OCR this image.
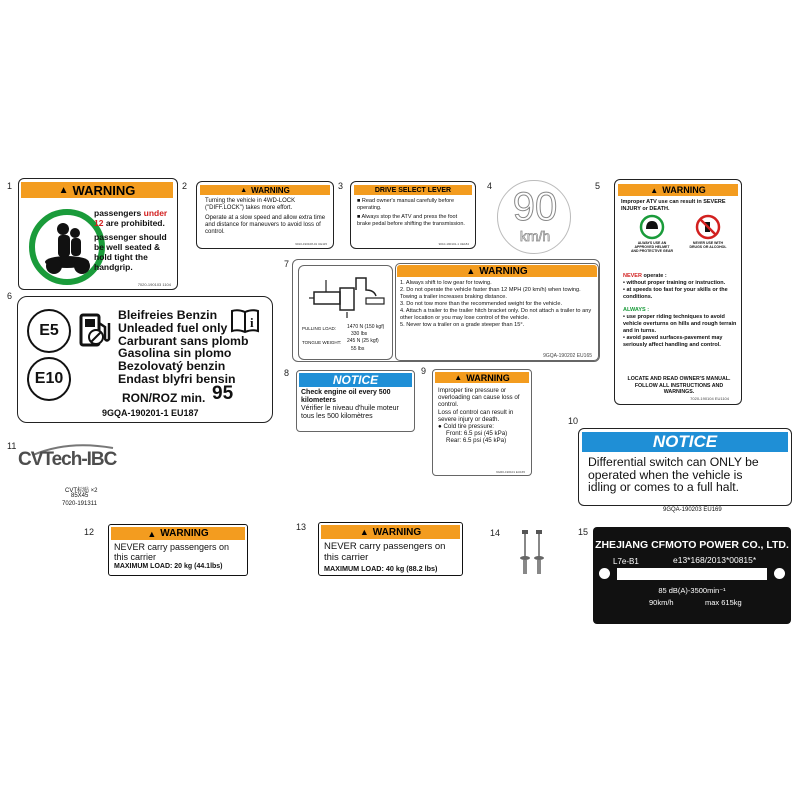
1	2	3	4	5
6
7
8	9
10
11
12	13
14	15
▲ WARNING
passengers under
12 are prohibited.
passenger should
be well seated &
hold tight the
handgrip.
7020-190103 1104
▲ WARNING
Turning the vehicle in 4WD-LOCK ("DIFF.LOCK") takes more effort.
Operate at a slow speed and allow extra time and distance for maneuvers to avoid loss of control.
9010-190108-01 UE115
DRIVE SELECT LEVER
■ Read owner's manual carefully before operating.
■ Always stop the ATV and press the foot brake pedal before shifting the transmission.
9010-190101-1 UE184
90
km/h
▲ WARNING
Improper ATV use can result in SEVERE INJURY or DEATH.
ALWAYS USE AN APPROVED HELMET AND PROTECTIVE GEAR
NEVER USE WITH DRUGS OR ALCOHOL
NEVER operate :
• without proper training or instruction.
• at speeds too fast for your skills or the conditions.
ALWAYS :
• use proper riding techniques to avoid vehicle overturns on hills and rough terrain and in turns.
• avoid paved surfaces-pavement may seriously affect handling and control.
LOCATE AND READ OWNER'S MANUAL. FOLLOW ALL INSTRUCTIONS AND WARNINGS.
7020-190104 EU1104
E5
E10
i
Bleifreies Benzin
Unleaded fuel only
Carburant sans plomb
Gasolina sin plomo
Bezolovatý benzin
Endast blyfri bensin
RON/ROZ min. 95
9GQA-190201-1 EU187
PULLING LOAD: 1470 N (150 kgf)
330 lbs
TONGUE WEIGHT: 245 N (25 kgf)
55 lbs
▲ WARNING
1. Always shift to low gear for towing.
2. Do not operate the vehicle faster than 12 MPH (20 km/h) when towing. Towing a trailer increases braking distance.
3. Do not tow more than the recommended weight for the vehicle.
4. Attach a trailer to the trailer hitch bracket only. Do not attach a trailer to any other location or you may lose control of the vehicle.
5. Never tow a trailer on a grade steeper than 15°.
9GQA-190202 EU165
NOTICE
Check engine oil every 500
kilometers
Vérifier le niveau d'huile moteur
tous les 500 kilomètres
▲ WARNING
Improper tire pressure or overloading can cause loss of control.
Loss of control can result in severe injury or death.
● Cold tire pressure:
Front: 6.5 psi (45 kPa)
Rear: 6.5 psi (45 kPa)
9GR0-190101 EU165
NOTICE
Differential switch can ONLY be
operated when the vehicle is
idling or comes to a full halt.
9GQA-190203 EU169
CVTech-IBC
CVT标贴 ×2
85X45
7020-191311
▲ WARNING
NEVER carry passengers on
this carrier
MAXIMUM LOAD: 20 kg (44.1lbs)
▲ WARNING
NEVER carry passengers on
this carrier
MAXIMUM LOAD: 40 kg (88.2 lbs)
ZHEJIANG CFMOTO POWER CO., LTD.
L7e-B1	e13*168/2013*00815*
85 dB(A)-3500min⁻¹
90km/h	max 615kg
